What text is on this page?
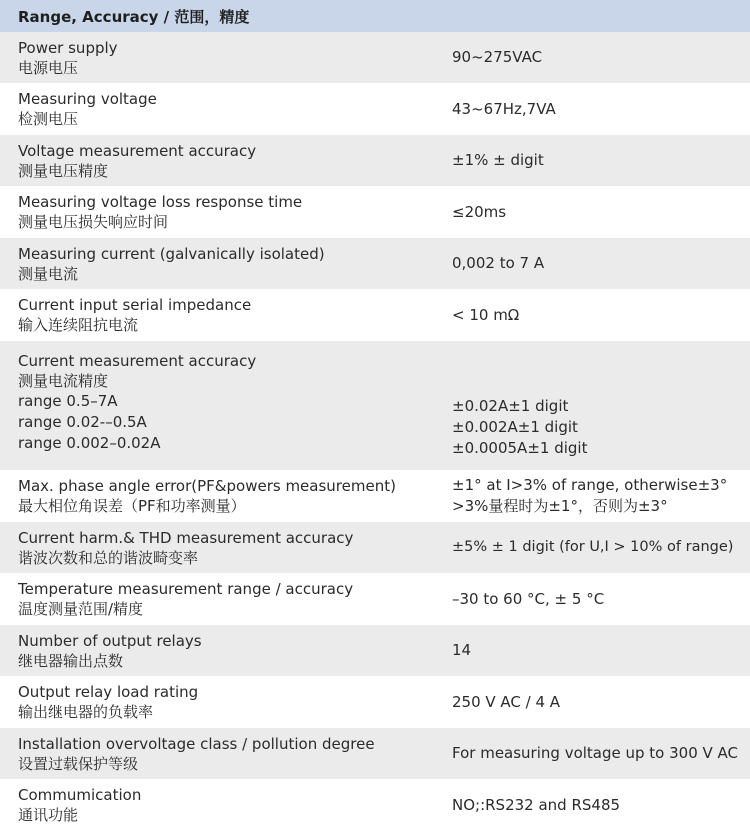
Range, Accuracy / 范围，精度
Power supply
电源电压
90~275VAC
Measuring voltage
检测电压
43~67Hz,7VA
Voltage measurement accuracy
测量电压精度
±1% ± digit
Measuring voltage loss response time
测量电压损失响应时间
≤20ms
Measuring current (galvanically isolated)
测量电流
0,002 to 7 A
Current input serial impedance
输入连续阻抗电流
< 10 mΩ
Current measurement accuracy
测量电流精度
range 0.5–7A
range 0.02-–0.5A
range 0.002–0.02A
±0.02A±1 digit
±0.002A±1 digit
±0.0005A±1 digit
Max. phase angle error(PF&powers measurement)
最大相位角误差（PF和功率测量）
±1° at I>3% of range, otherwise±3°
>3%量程时为±1°，否则为±3°
Current harm.& THD measurement accuracy
谐波次数和总的谐波畸变率
±5% ± 1 digit (for U,I > 10% of range)
Temperature measurement range / accuracy
温度测量范围/精度
–30 to 60 °C, ± 5 °C
Number of output relays
继电器输出点数
14
Output relay load rating
输出继电器的负载率
250 V AC / 4 A
Installation overvoltage class / pollution degree
设置过载保护等级
For measuring voltage up to 300 V AC
Commumication
通讯功能
NO;:RS232 and RS485
